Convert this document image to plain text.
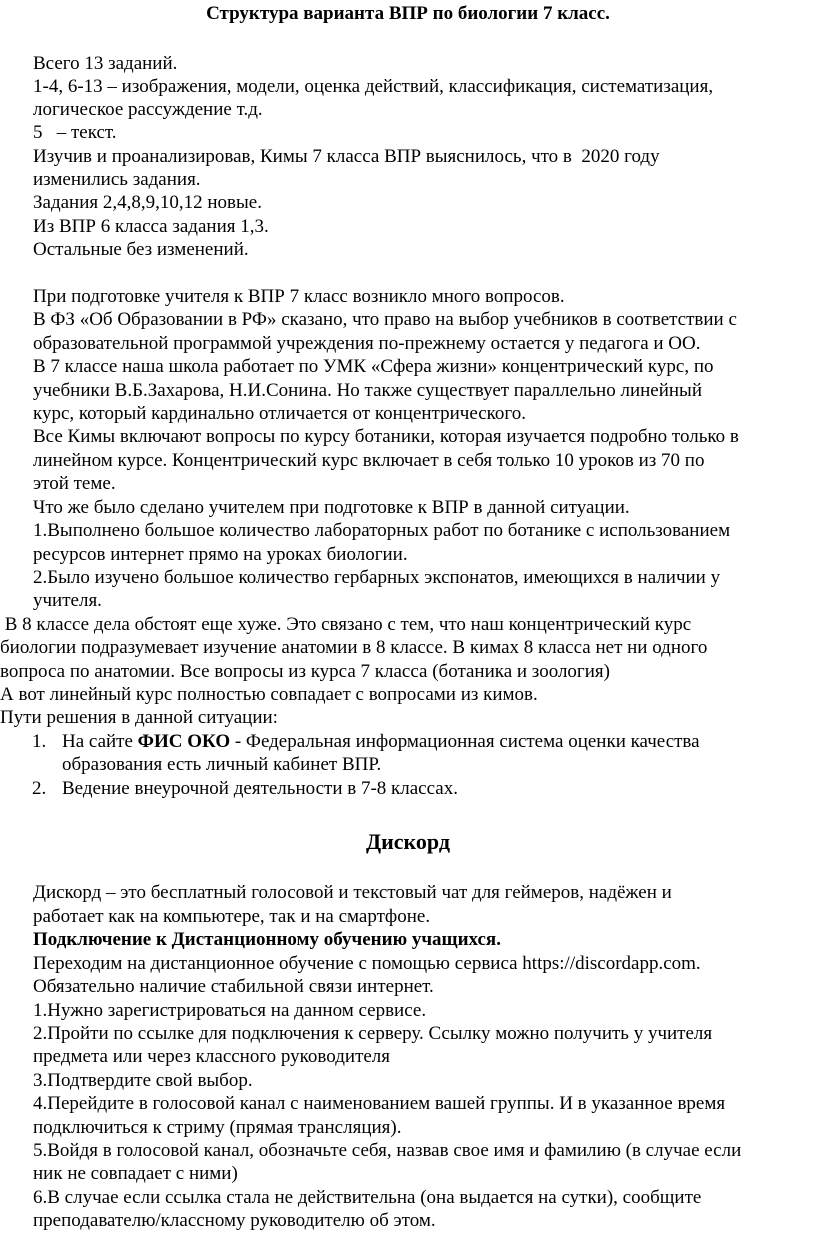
Структура варианта ВПР по биологии 7 класс.
Всего 13 заданий.
1-4, 6-13 – изображения, модели, оценка действий, классификация, систематизация,
логическое рассуждение т.д.
5   – текст.
Изучив и проанализировав, Кимы 7 класса ВПР выяснилось, что в  2020 году
изменились задания.
Задания 2,4,8,9,10,12 новые.
Из ВПР 6 класса задания 1,3.
Остальные без изменений.
При подготовке учителя к ВПР 7 класс возникло много вопросов.
В ФЗ «Об Образовании в РФ» сказано, что право на выбор учебников в соответствии с
образовательной программой учреждения по-прежнему остается у педагога и ОО.
В 7 классе наша школа работает по УМК «Сфера жизни» концентрический курс, по
учебники В.Б.Захарова, Н.И.Сонина. Но также существует параллельно линейный
курс, который кардинально отличается от концентрического.
Все Кимы включают вопросы по курсу ботаники, которая изучается подробно только в
линейном курсе. Концентрический курс включает в себя только 10 уроков из 70 по
этой теме.
Что же было сделано учителем при подготовке к ВПР в данной ситуации.
1.Выполнено большое количество лабораторных работ по ботанике с использованием
ресурсов интернет прямо на уроках биологии.
2.Было изучено большое количество гербарных экспонатов, имеющихся в наличии у
учителя.
В 8 классе дела обстоят еще хуже. Это связано с тем, что наш концентрический курс
биологии подразумевает изучение анатомии в 8 классе. В кимах 8 класса нет ни одного
вопроса по анатомии. Все вопросы из курса 7 класса (ботаника и зоология)
А вот линейный курс полностью совпадает с вопросами из кимов.
Пути решения в данной ситуации:
1. На сайте ФИС ОКО - Федеральная информационная система оценки качества
образования есть личный кабинет ВПР.
2. Ведение внеурочной деятельности в 7-8 классах.
Дискорд
Дискорд – это бесплатный голосовой и текстовый чат для геймеров, надёжен и
работает как на компьютере, так и на смартфоне.
Подключение к Дистанционному обучению учащихся.
Переходим на дистанционное обучение с помощью сервиса https://discordapp.com.
Обязательно наличие стабильной связи интернет.
1.Нужно зарегистрироваться на данном сервисе.
2.Пройти по ссылке для подключения к серверу. Ссылку можно получить у учителя
предмета или через классного руководителя
3.Подтвердите свой выбор.
4.Перейдите в голосовой канал с наименованием вашей группы. И в указанное время
подключиться к стриму (прямая трансляция).
5.Войдя в голосовой канал, обозначьте себя, назвав свое имя и фамилию (в случае если
ник не совпадает с ними)
6.В случае если ссылка стала не действительна (она выдается на сутки), сообщите
преподавателю/классному руководителю об этом.
